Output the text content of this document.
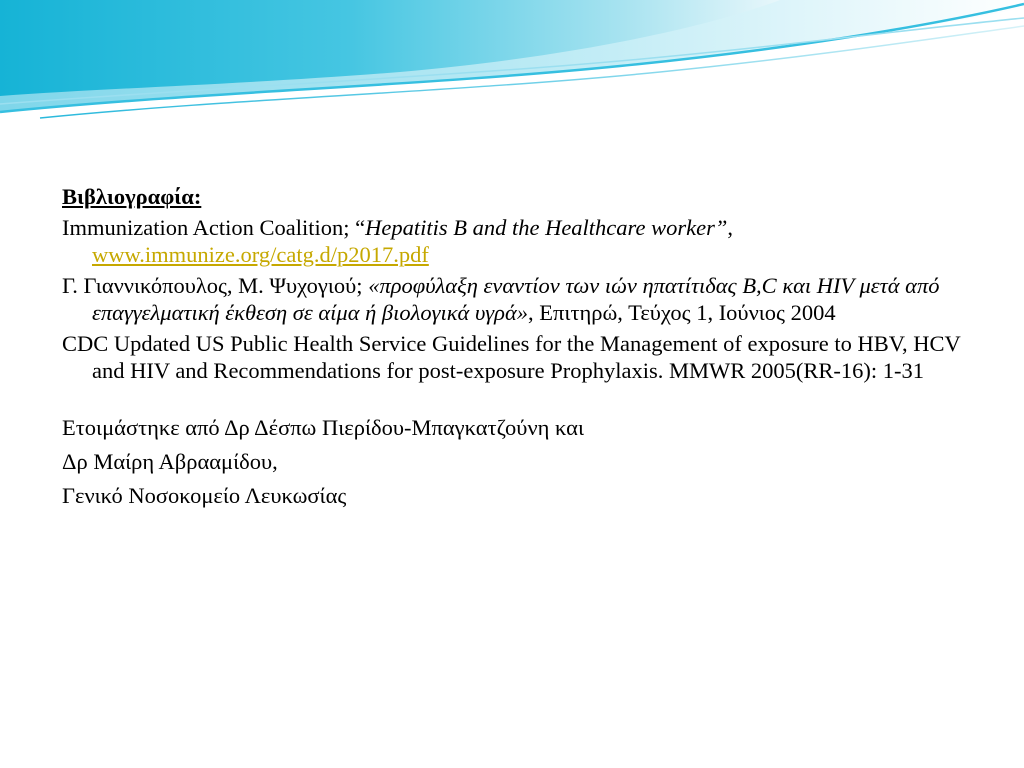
Βιβλιογραφία:
Immunization Action Coalition; “Hepatitis B and the Healthcare worker”, www.immunize.org/catg.d/p2017.pdf
Γ. Γιαννικόπουλος, Μ. Ψυχογιού; «προφύλαξη εναντίον των ιών ηπατίτιδας Β,C και HIV μετά από επαγγελματική έκθεση σε αίμα ή βιολογικά υγρά», Επιτηρώ, Τεύχος 1, Ιούνιος 2004
CDC Updated US Public Health Service Guidelines for the Management of exposure to HBV, HCV and HIV and Recommendations for post-exposure Prophylaxis. MMWR 2005(RR-16): 1-31
Ετοιμάστηκε από Δρ Δέσπω Πιερίδου-Μπαγκατζούνη και
Δρ Μαίρη Αβρααμίδου,
Γενικό Νοσοκομείο Λευκωσίας
